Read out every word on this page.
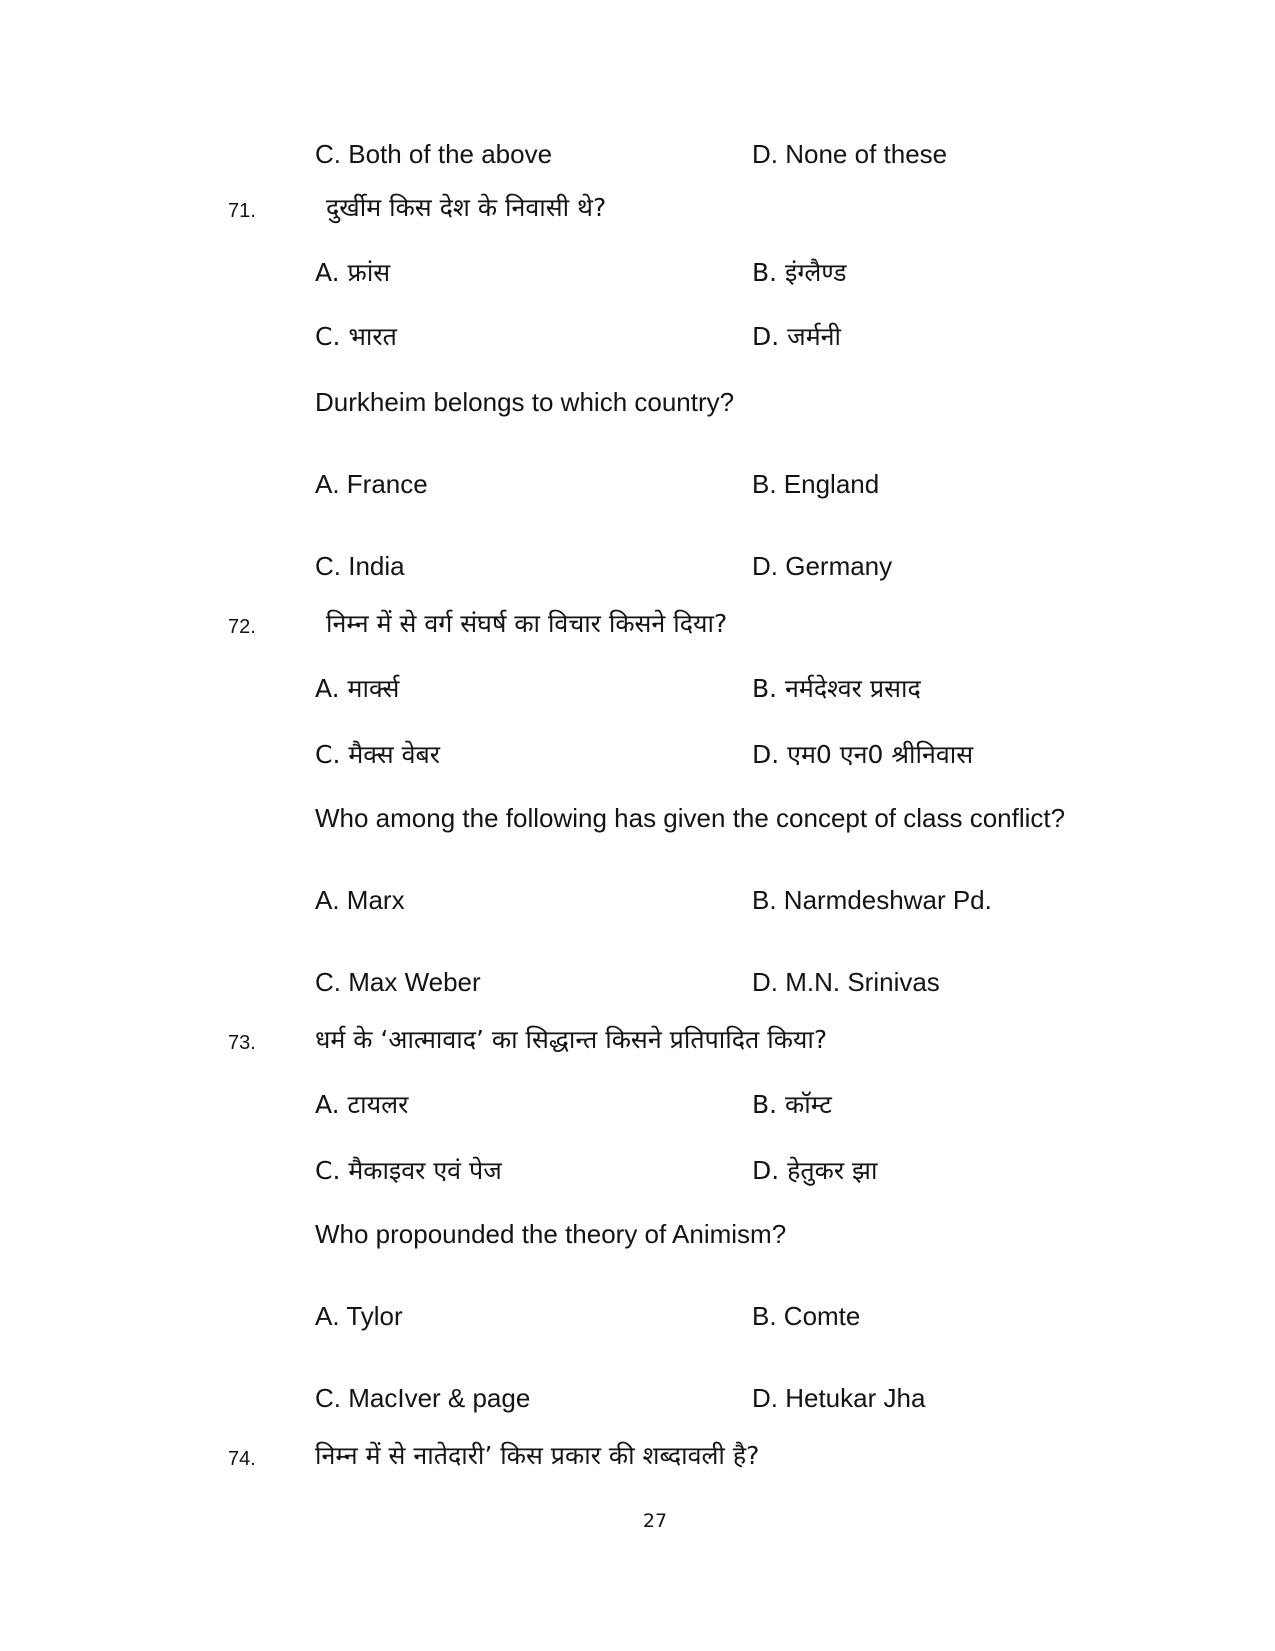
C. Both of the above	D. None of these
71.	दुर्खीम किस देश के निवासी थे?
A. फ्रांस	B. इंग्लैण्ड
C. भारत	D. जर्मनी
Durkheim belongs to which country?
A. France	B. England
C. India	D. Germany
72.	निम्न में से वर्ग संघर्ष का विचार किसने दिया?
A. मार्क्स	B. नर्मदेश्वर प्रसाद
C. मैक्स वेबर	D. एम0 एन0 श्रीनिवास
Who among the following has given the concept of class conflict?
A. Marx	B. Narmdeshwar Pd.
C. Max Weber	D. M.N. Srinivas
73. धर्म के ‘आत्मावाद’ का सिद्धान्त किसने प्रतिपादित किया?
A. टायलर	B. कॉम्ट
C. मैकाइवर एवं पेज	D. हेतुकर झा
Who propounded the theory of Animism?
A. Tylor	B. Comte
C. MacIver & page	D. Hetukar Jha
74. निम्न में से नातेदारी’ किस प्रकार की शब्दावली है?
27
